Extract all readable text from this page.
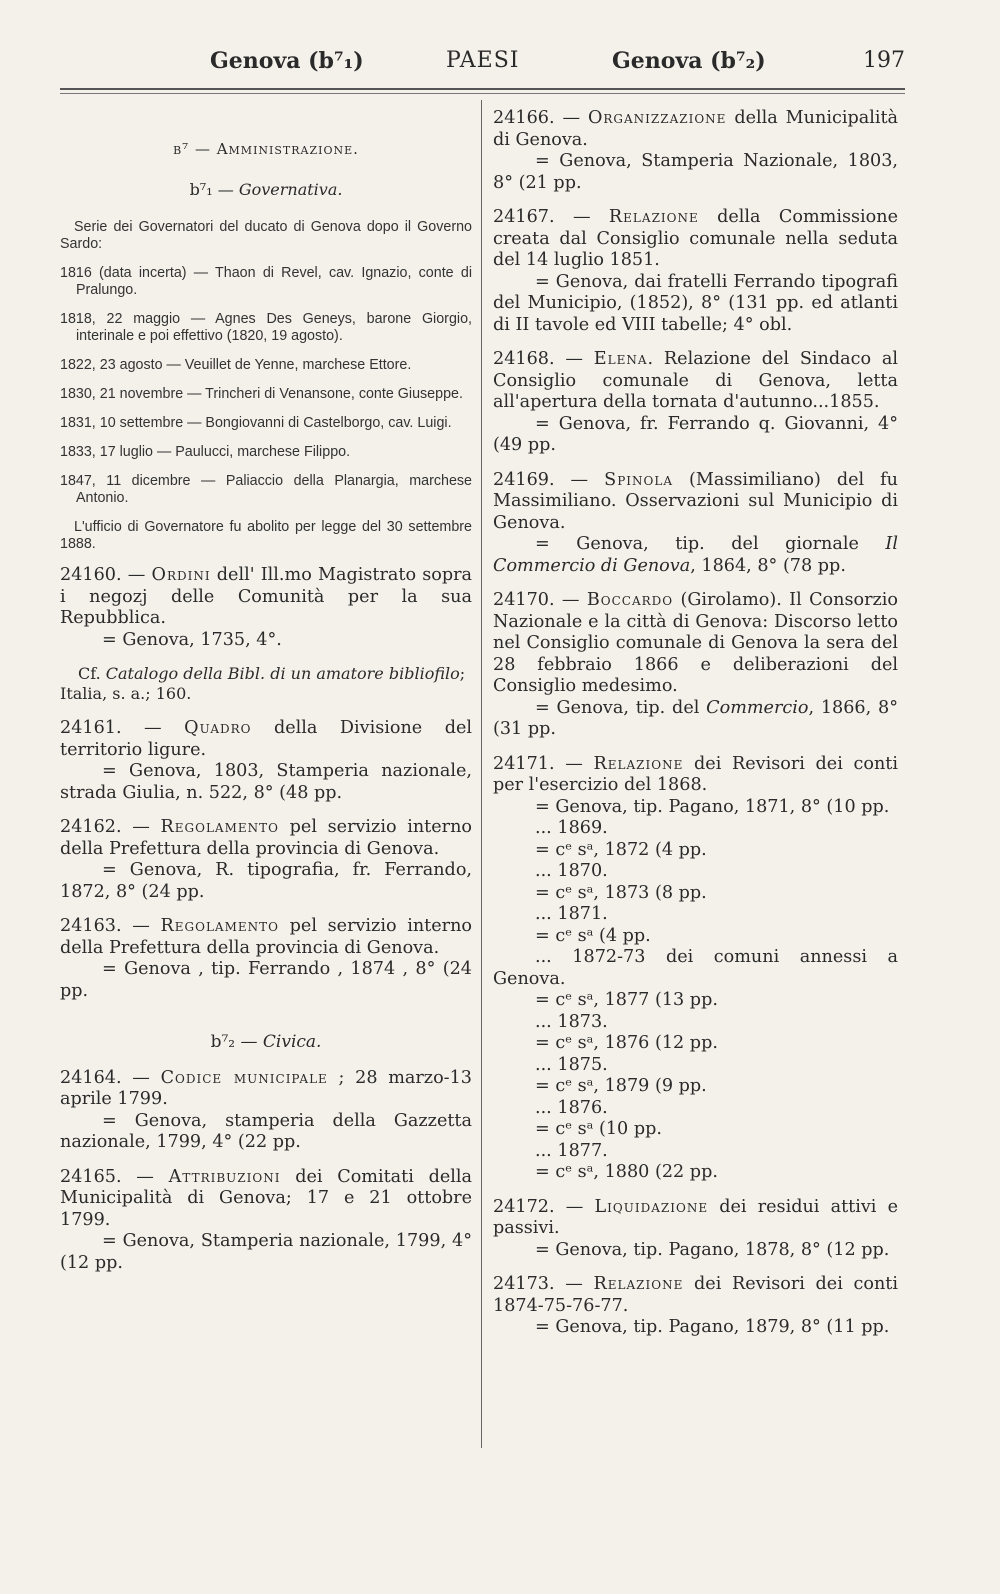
Genova (b⁷₁)	PAESI	Genova (b⁷₂)	197

b⁷ — Amministrazione.

b⁷₁ — Governativa.

Serie dei Governatori del ducato di Genova dopo il Governo Sardo:

1816 (data incerta) — Thaon di Revel, cav. Ignazio, conte di Pralungo.

1818, 22 maggio — Agnes Des Geneys, barone Giorgio, interinale e poi effettivo (1820, 19 agosto).

1822, 23 agosto — Veuillet de Yenne, marchese Ettore.

1830, 21 novembre — Trincheri di Venansone, conte Giuseppe.

1831, 10 settembre — Bongiovanni di Castelborgo, cav. Luigi.

1833, 17 luglio — Paulucci, marchese Filippo.

1847, 11 dicembre — Paliaccio della Planargia, marchese Antonio.

L'ufficio di Governatore fu abolito per legge del 30 settembre 1888.

24160. — Ordini dell' Ill.mo Magistrato sopra i negozj delle Comunità per la sua Repubblica.
= Genova, 1735, 4°.

Cf. Catalogo della Bibl. di un amatore bibliofilo; Italia, s. a.; 160.

24161. — Quadro della Divisione del territorio ligure.
= Genova, 1803, Stamperia nazionale, strada Giulia, n. 522, 8° (48 pp.
24162. — Regolamento pel servizio interno della Prefettura della provincia di Genova.
= Genova, R. tipografia, fr. Ferrando, 1872, 8° (24 pp.
24163. — Regolamento pel servizio interno della Prefettura della provincia di Genova.
= Genova , tip. Ferrando , 1874 , 8° (24 pp.

b⁷₂ — Civica.

24164. — Codice municipale ; 28 marzo-13 aprile 1799.
= Genova, stamperia della Gazzetta nazionale, 1799, 4° (22 pp.
24165. — Attribuzioni dei Comitati della Municipalità di Genova; 17 e 21 ottobre 1799.
= Genova, Stamperia nazionale, 1799, 4° (12 pp.
24166. — Organizzazione della Municipalità di Genova.
= Genova, Stamperia Nazionale, 1803, 8° (21 pp.
24167. — Relazione della Commissione creata dal Consiglio comunale nella seduta del 14 luglio 1851.
= Genova, dai fratelli Ferrando tipografi del Municipio, (1852), 8° (131 pp. ed atlanti di II tavole ed VIII tabelle; 4° obl.
24168. — Elena. Relazione del Sindaco al Consiglio comunale di Genova, letta all'apertura della tornata d'autunno...1855.
= Genova, fr. Ferrando q. Giovanni, 4° (49 pp.
24169. — Spinola (Massimiliano) del fu Massimiliano. Osservazioni sul Municipio di Genova.
= Genova, tip. del giornale Il Commercio di Genova, 1864, 8° (78 pp.
24170. — Boccardo (Girolamo). Il Consorzio Nazionale e la città di Genova: Discorso letto nel Consiglio comunale di Genova la sera del 28 febbraio 1866 e deliberazioni del Consiglio medesimo.
= Genova, tip. del Commercio, 1866, 8° (31 pp.
24171. — Relazione dei Revisori dei conti per l'esercizio del 1868.
= Genova, tip. Pagano, 1871, 8° (10 pp.
... 1869.
= cᵉ sᵃ, 1872 (4 pp.
... 1870.
= cᵉ sᵃ, 1873 (8 pp.
... 1871.
= cᵉ sᵃ (4 pp.
... 1872-73 dei comuni annessi a Genova.
= cᵉ sᵃ, 1877 (13 pp.
... 1873.
= cᵉ sᵃ, 1876 (12 pp.
... 1875.
= cᵉ sᵃ, 1879 (9 pp.
... 1876.
= cᵉ sᵃ (10 pp.
... 1877.
= cᵉ sᵃ, 1880 (22 pp.
24172. — Liquidazione dei residui attivi e passivi.
= Genova, tip. Pagano, 1878, 8° (12 pp.
24173. — Relazione dei Revisori dei conti 1874-75-76-77.
= Genova, tip. Pagano, 1879, 8° (11 pp.
